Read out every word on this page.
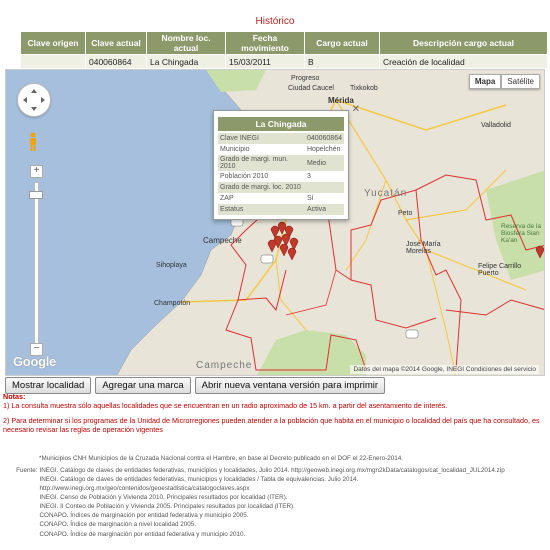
Histórico
Clave origen	Clave actual	Nombre loc. actual	Fecha movimiento	Cargo actual	Descripción cargo actual
	040060864	La Chingada	15/03/2011	B	Creación de localidad
Progreso
Ciudad Caucel Tixkokob
Mérida
Valladolid
Campeche
Sihoplaya
Champotón
Peto
José María Morelos
Felipe Carrillo Puerto
Reserva de la Biosfera Sian Ka'an
Campeche
Yucatán
Mapa	Satélite
+
−
✕
La Chingada
Clave INEGI	040060864
Municipio	Hopelchén
Grado de margi. mun. 2010	Medio
Población 2010	3
Grado de margi. loc. 2010	
ZAP	Sí
Estatus	Activa
Google
Datos del mapa ©2014 Google, INEGI Condiciones del servicio
Mostrar localidad	Agregar una marca	Abrir nueva ventana versión para imprimir
Notas:

1) La consulta muestra sólo aquellas localidades que se encuentran en un radio aproximado de 15 km. a partir del asentamiento de interés.

2) Para determinar si los programas de la Unidad de Microrregiones pueden atender a la población que habita en el municipio o localidad del país que ha consultado, es necesario revisar las reglas de operación vigentes

*Municipios CNH Municipios de la Cruzada Nacional contra el Hambre, en base al Decreto publicado en el DOF el 22-Enero-2014.
Fuente: INEGI. Catálogo de claves de entidades federativas, municipios y localidades, Julio 2014. http://geoweb.inegi.org.mx/mgn2kData/catalogos/cat_localidad_JUL2014.zip
INEGI. Catálogo de claves de entidades federativas, municipios y localidades / Tabla de equivalencias. Julio 2014. http://www.inegi.org.mx/geo/contenidos/geoestadistica/catalogoclaves.aspx
INEGI. Censo de Población y Vivienda 2010. Principales resultados por localidad (ITER).
INEGI. II Conteo de Población y Vivienda 2005. Principales resultados por localidad (ITER).
CONAPO. Índices de marginación por entidad federativa y municipio 2005.
CONAPO. Índice de marginación a nivel localidad 2005.
CONAPO. Índice de marginación por entidad federativa y municipio 2010.
